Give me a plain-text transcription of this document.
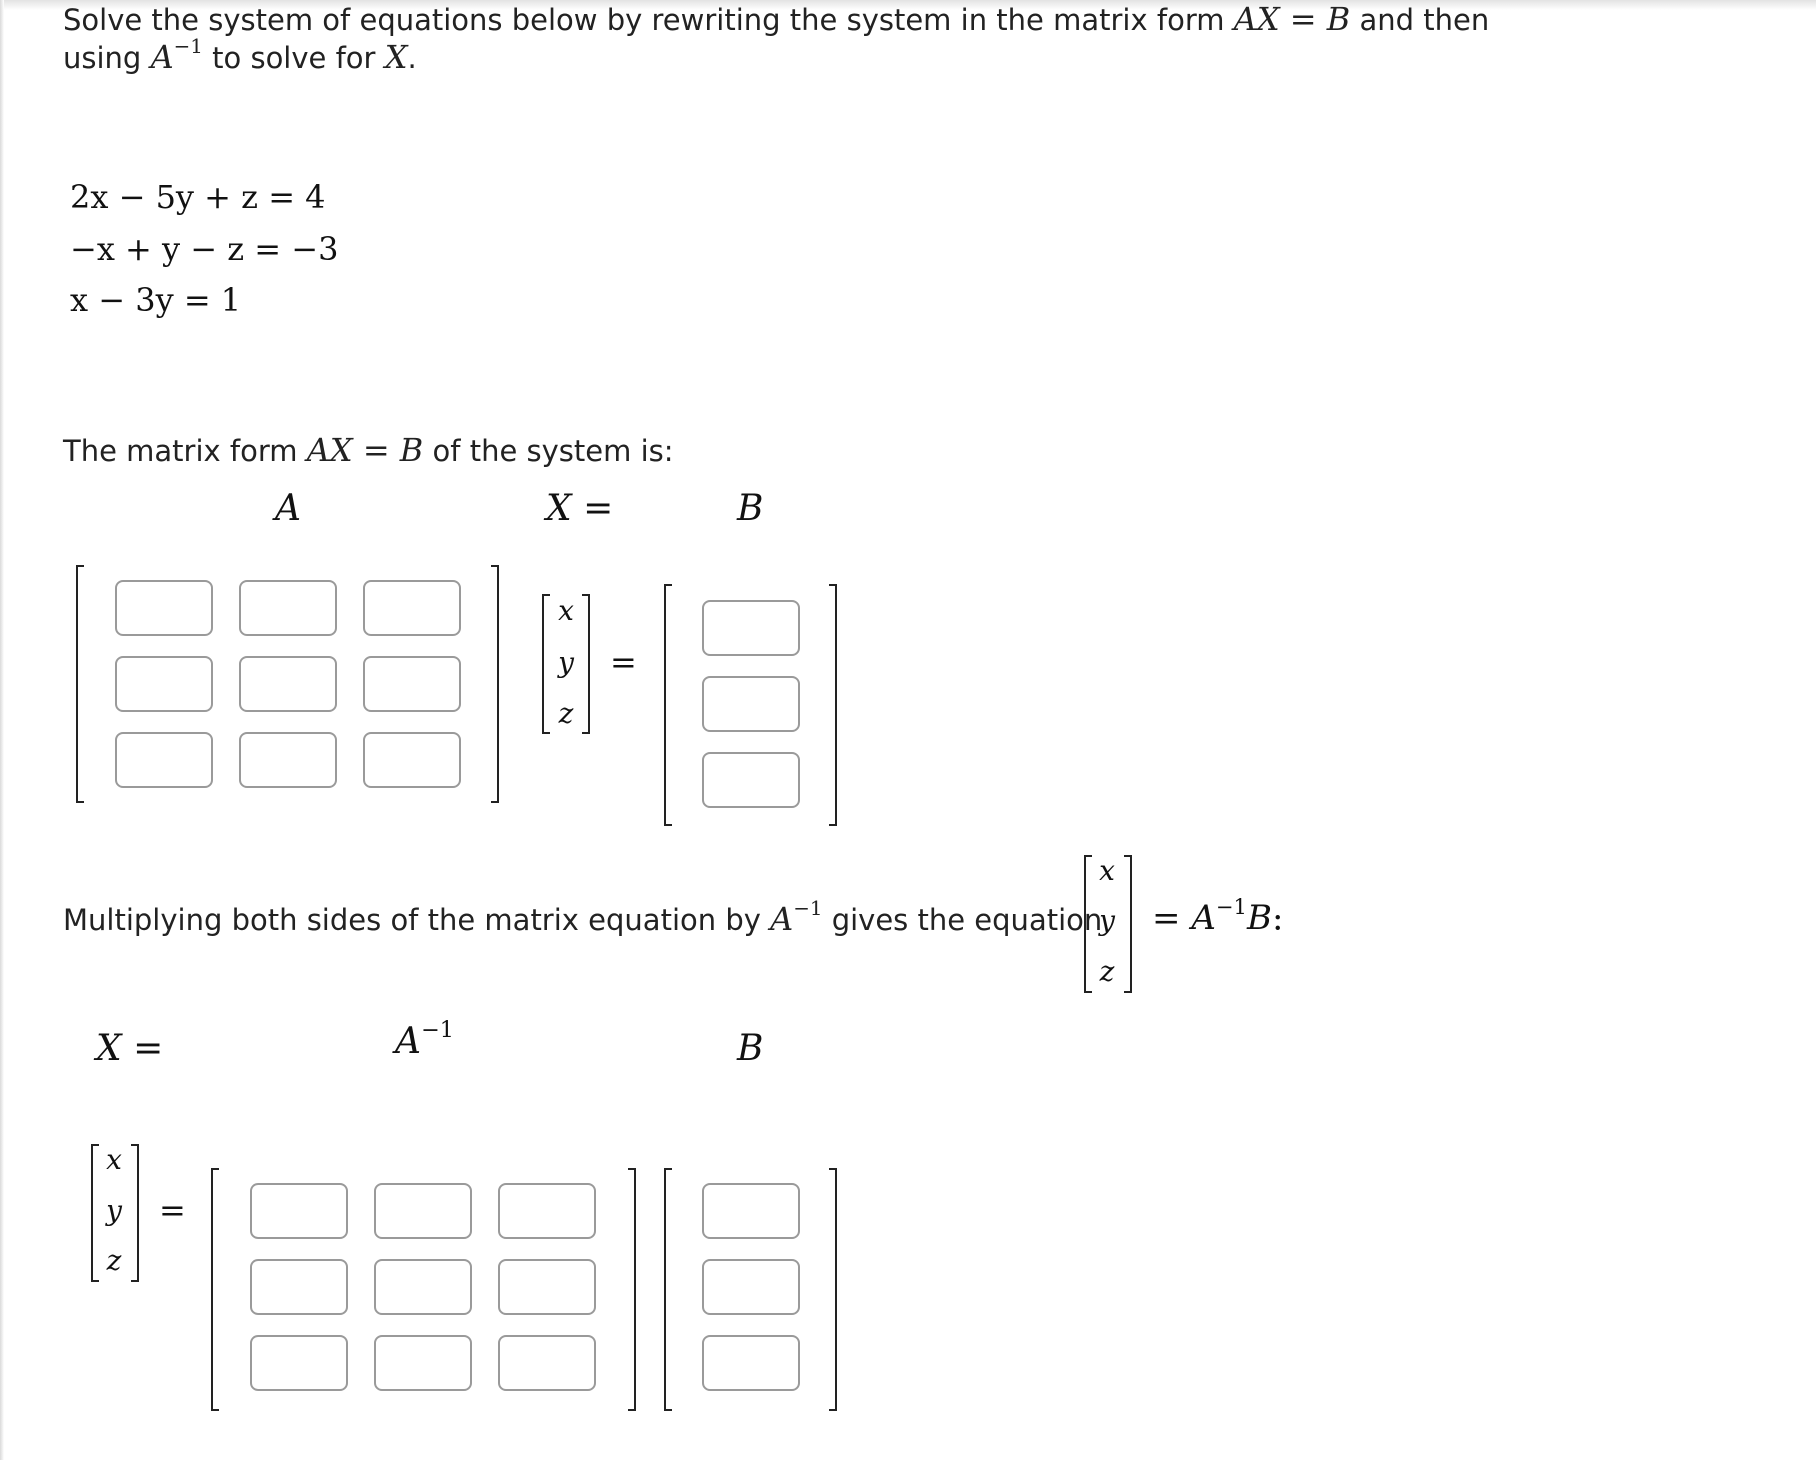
Solve the system of equations below by rewriting the system in the matrix form AX = B and then
using $A^{-1}$ to solve for X.
2x − 5y + z = 4
−x + y − z = −3
x − 3y = 1
The matrix form AX = B of the system is:
A	X =	B
x
y
z
=
Multiplying both sides of the matrix equation by $A^{-1}$ gives the equation
x
y
z
= $A^{-1}B$:
X =	$A^{-1}$	B
x
y
z
=
